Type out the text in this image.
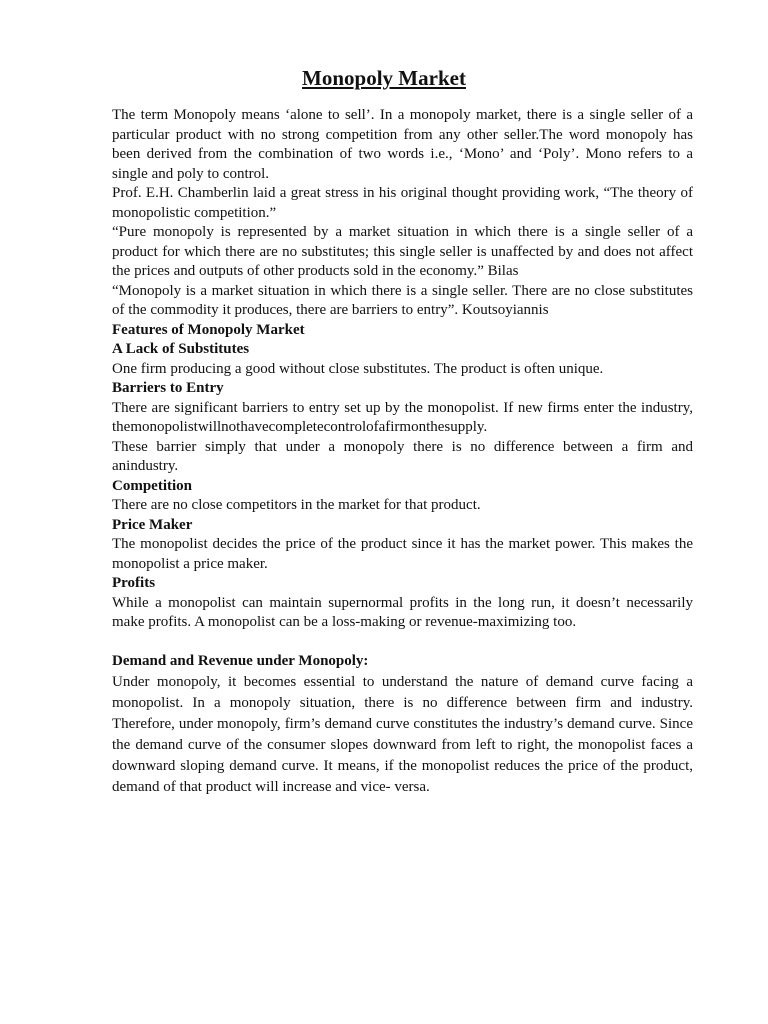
Monopoly Market

The term Monopoly means ‘alone to sell’. In a monopoly market, there is a single seller of a particular product with no strong competition from any other seller.The word monopoly has been derived from the combination of two words i.e., ‘Mono’ and ‘Poly’. Mono refers to a single and poly to control.

Prof. E.H. Chamberlin laid a great stress in his original thought providing work, “The theory of monopolistic competition.”

“Pure monopoly is represented by a market situation in which there is a single seller of a product for which there are no substitutes; this single seller is unaffected by and does not affect the prices and outputs of other products sold in the economy.” Bilas

“Monopoly is a market situation in which there is a single seller. There are no close substitutes of the commodity it produces, there are barriers to entry”. Koutsoyiannis

Features of Monopoly Market
A Lack of Substitutes

One firm producing a good without close substitutes. The product is often unique.

Barriers to Entry

There are significant barriers to entry set up by the monopolist. If new firms enter the industry, themonopolistwillnothavecompletecontrolofafirmonthesupply.

These barrier simply that under a monopoly there is no difference between a firm and anindustry.

Competition

There are no close competitors in the market for that product.

Price Maker

The monopolist decides the price of the product since it has the market power. This makes the monopolist a price maker.

Profits

While a monopolist can maintain supernormal profits in the long run, it doesn’t necessarily make profits. A monopolist can be a loss-making or revenue-maximizing too.

Demand and Revenue under Monopoly:

Under monopoly, it becomes essential to understand the nature of demand curve facing a monopolist. In a monopoly situation, there is no difference between firm and industry. Therefore, under monopoly, firm’s demand curve constitutes the industry’s demand curve. Since the demand curve of the consumer slopes downward from left to right, the monopolist faces a downward sloping demand curve. It means, if the monopolist reduces the price of the product, demand of that product will increase and vice- versa.
